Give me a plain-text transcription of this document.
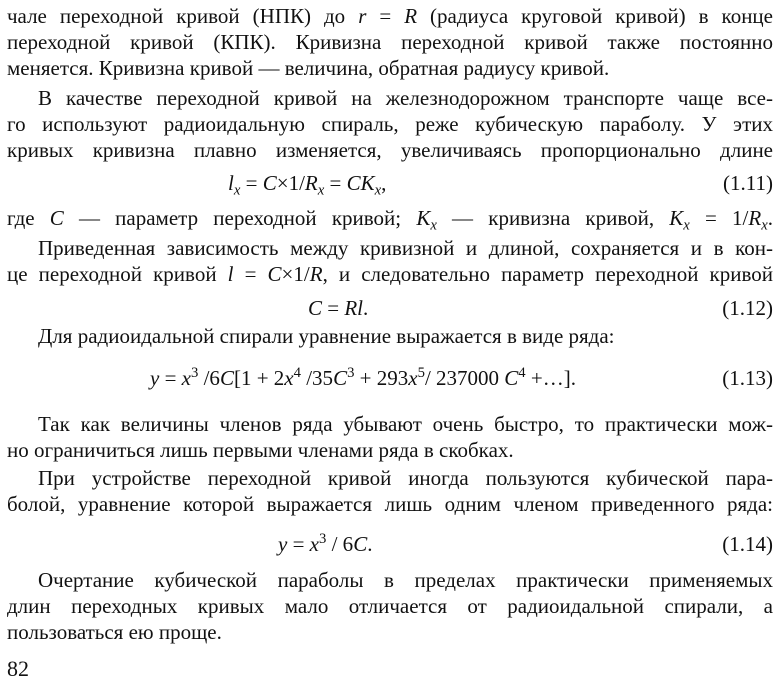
чале переходной кривой (НПК) до r = R (радиуса круговой кривой) в конце
переходной кривой (КПК). Кривизна переходной кривой также постоянно
меняется. Кривизна кривой — величина, обратная радиусу кривой.
В качестве переходной кривой на железнодорожном транспорте чаще все-
го используют радиоидальную спираль, реже кубическую параболу. У этих
кривых кривизна плавно изменяется, увеличиваясь пропорционально длине
$l_x = C\times 1/R_x = CK_x$,	(1.11)
где C — параметр переходной кривой; $K_x$ — кривизна кривой, $K_x = 1/R_x$.
Приведенная зависимость между кривизной и длиной, сохраняется и в кон-
це переходной кривой l = C×1/R, и следовательно параметр переходной кривой
C = Rl.	(1.12)
Для радиоидальной спирали уравнение выражается в виде ряда:
$y = x^3$ $/6C[1 + 2x^4$ $/35C^3 + 293x^5/$ 237000 $C^4$ +…].	(1.13)
Так как величины членов ряда убывают очень быстро, то практически мож-
но ограничиться лишь первыми членами ряда в скобках.
При устройстве переходной кривой иногда пользуются кубической пара-
болой, уравнение которой выражается лишь одним членом приведенного ряда:
$y = x^3 / 6C$.	(1.14)
Очертание кубической параболы в пределах практически применяемых
длин переходных кривых мало отличается от радиоидальной спирали, а
пользоваться ею проще.
82
